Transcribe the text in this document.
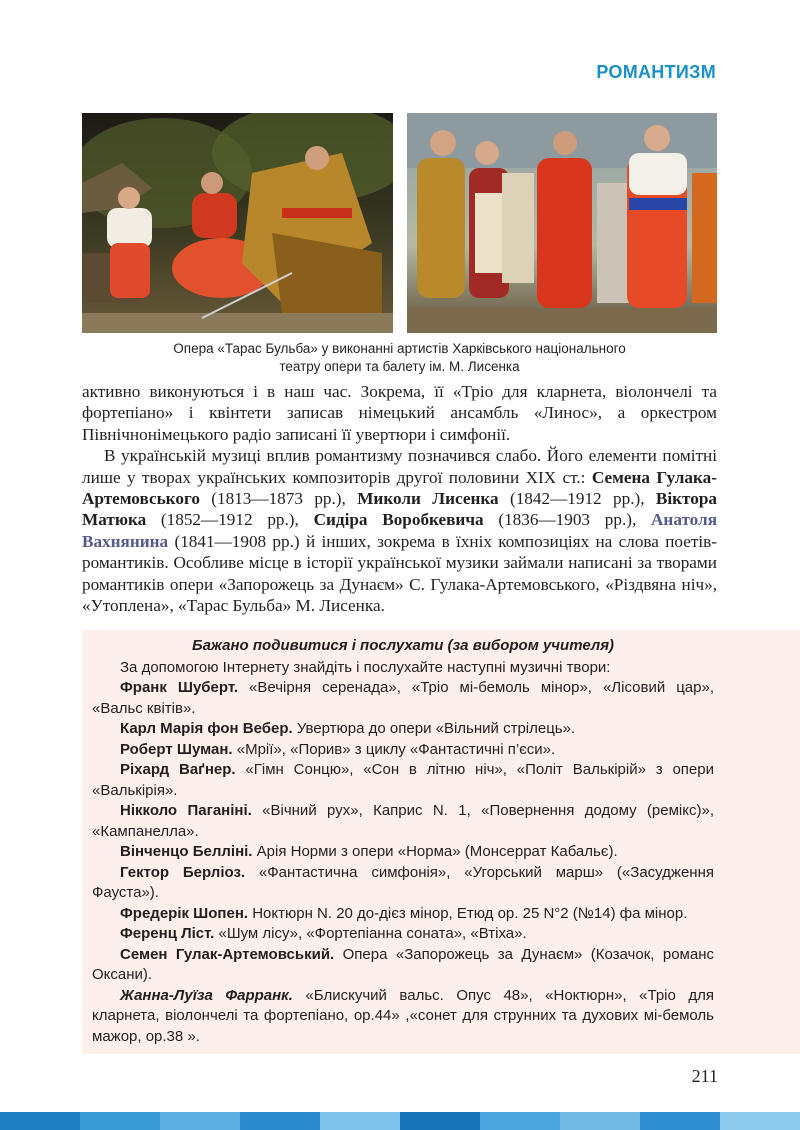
РОМАНТИЗМ
Опера «Тарас Бульба» у виконанні артистів Харківського національного
театру опери та балету ім. М. Лисенка

активно виконуються і в наш час. Зокрема, її «Тріо для кларнета, віолончелі та фортепіано» і квінтети записав німецький ансамбль «Линос», а оркестром Північнонімецького радіо записані її увертюри і симфонії.

В українській музиці вплив романтизму позначився слабо. Його елементи помітні лише у творах українських композиторів другої половини XIX ст.: Семена Гулака-Артемовського (1813—1873 рр.), Миколи Лисенка (1842—1912 рр.), Віктора Матюка (1852—1912 рр.), Сидіра Воробкевича (1836—1903 рр.), Анатоля Вахнянина (1841—1908 рр.) й інших, зокрема в їхніх композиціях на слова поетів-романтиків. Особливе місце в історії української музики займали написані за творами романтиків опери «Запорожець за Дунаєм» С. Гулака-Артемовського, «Різдвяна ніч», «Утоплена», «Тарас Бульба» М. Лисенка.

Бажано подивитися і послухати (за вибором учителя)

За допомогою Інтернету знайдіть і послухайте наступні музичні твори:

Франк Шуберт. «Вечірня серенада», «Тріо мі-бемоль мінор», «Лісовий цар», «Вальс квітів».

Карл Марія фон Вебер. Увертюра до опери «Вільний стрілець».

Роберт Шуман. «Мрії», «Порив» з циклу «Фантастичні п’єси».

Ріхард Ваґнер. «Гімн Сонцю», «Сон в літню ніч», «Політ Валькірій» з опери «Валькірія».

Нікколо Паганіні. «Вічний рух», Каприс N. 1, «Повернення додому (ремікс)», «Кампанелла».

Вінченцо Белліні. Арія Норми з опери «Норма» (Монсеррат Кабальє).

Гектор Берліоз. «Фантастична симфонія», «Угорський марш» («Засудження Фауста»).

Фредерік Шопен. Ноктюрн N. 20 до-дієз мінор, Етюд ор. 25 N°2 (№14) фа мінор.

Ференц Ліст. «Шум лісу», «Фортепіанна соната», «Втіха».

Семен Гулак-Артемовський. Опера «Запорожець за Дунаєм» (Козачок, романс Оксани).

Жанна-Луїза Фарранк. «Блискучий вальс. Опус 48», «Ноктюрн», «Тріо для кларнета, віолончелі та фортепіано, ор.44» ,«сонет для струнних та духових мі-бемоль мажор, ор.38 ».

211
